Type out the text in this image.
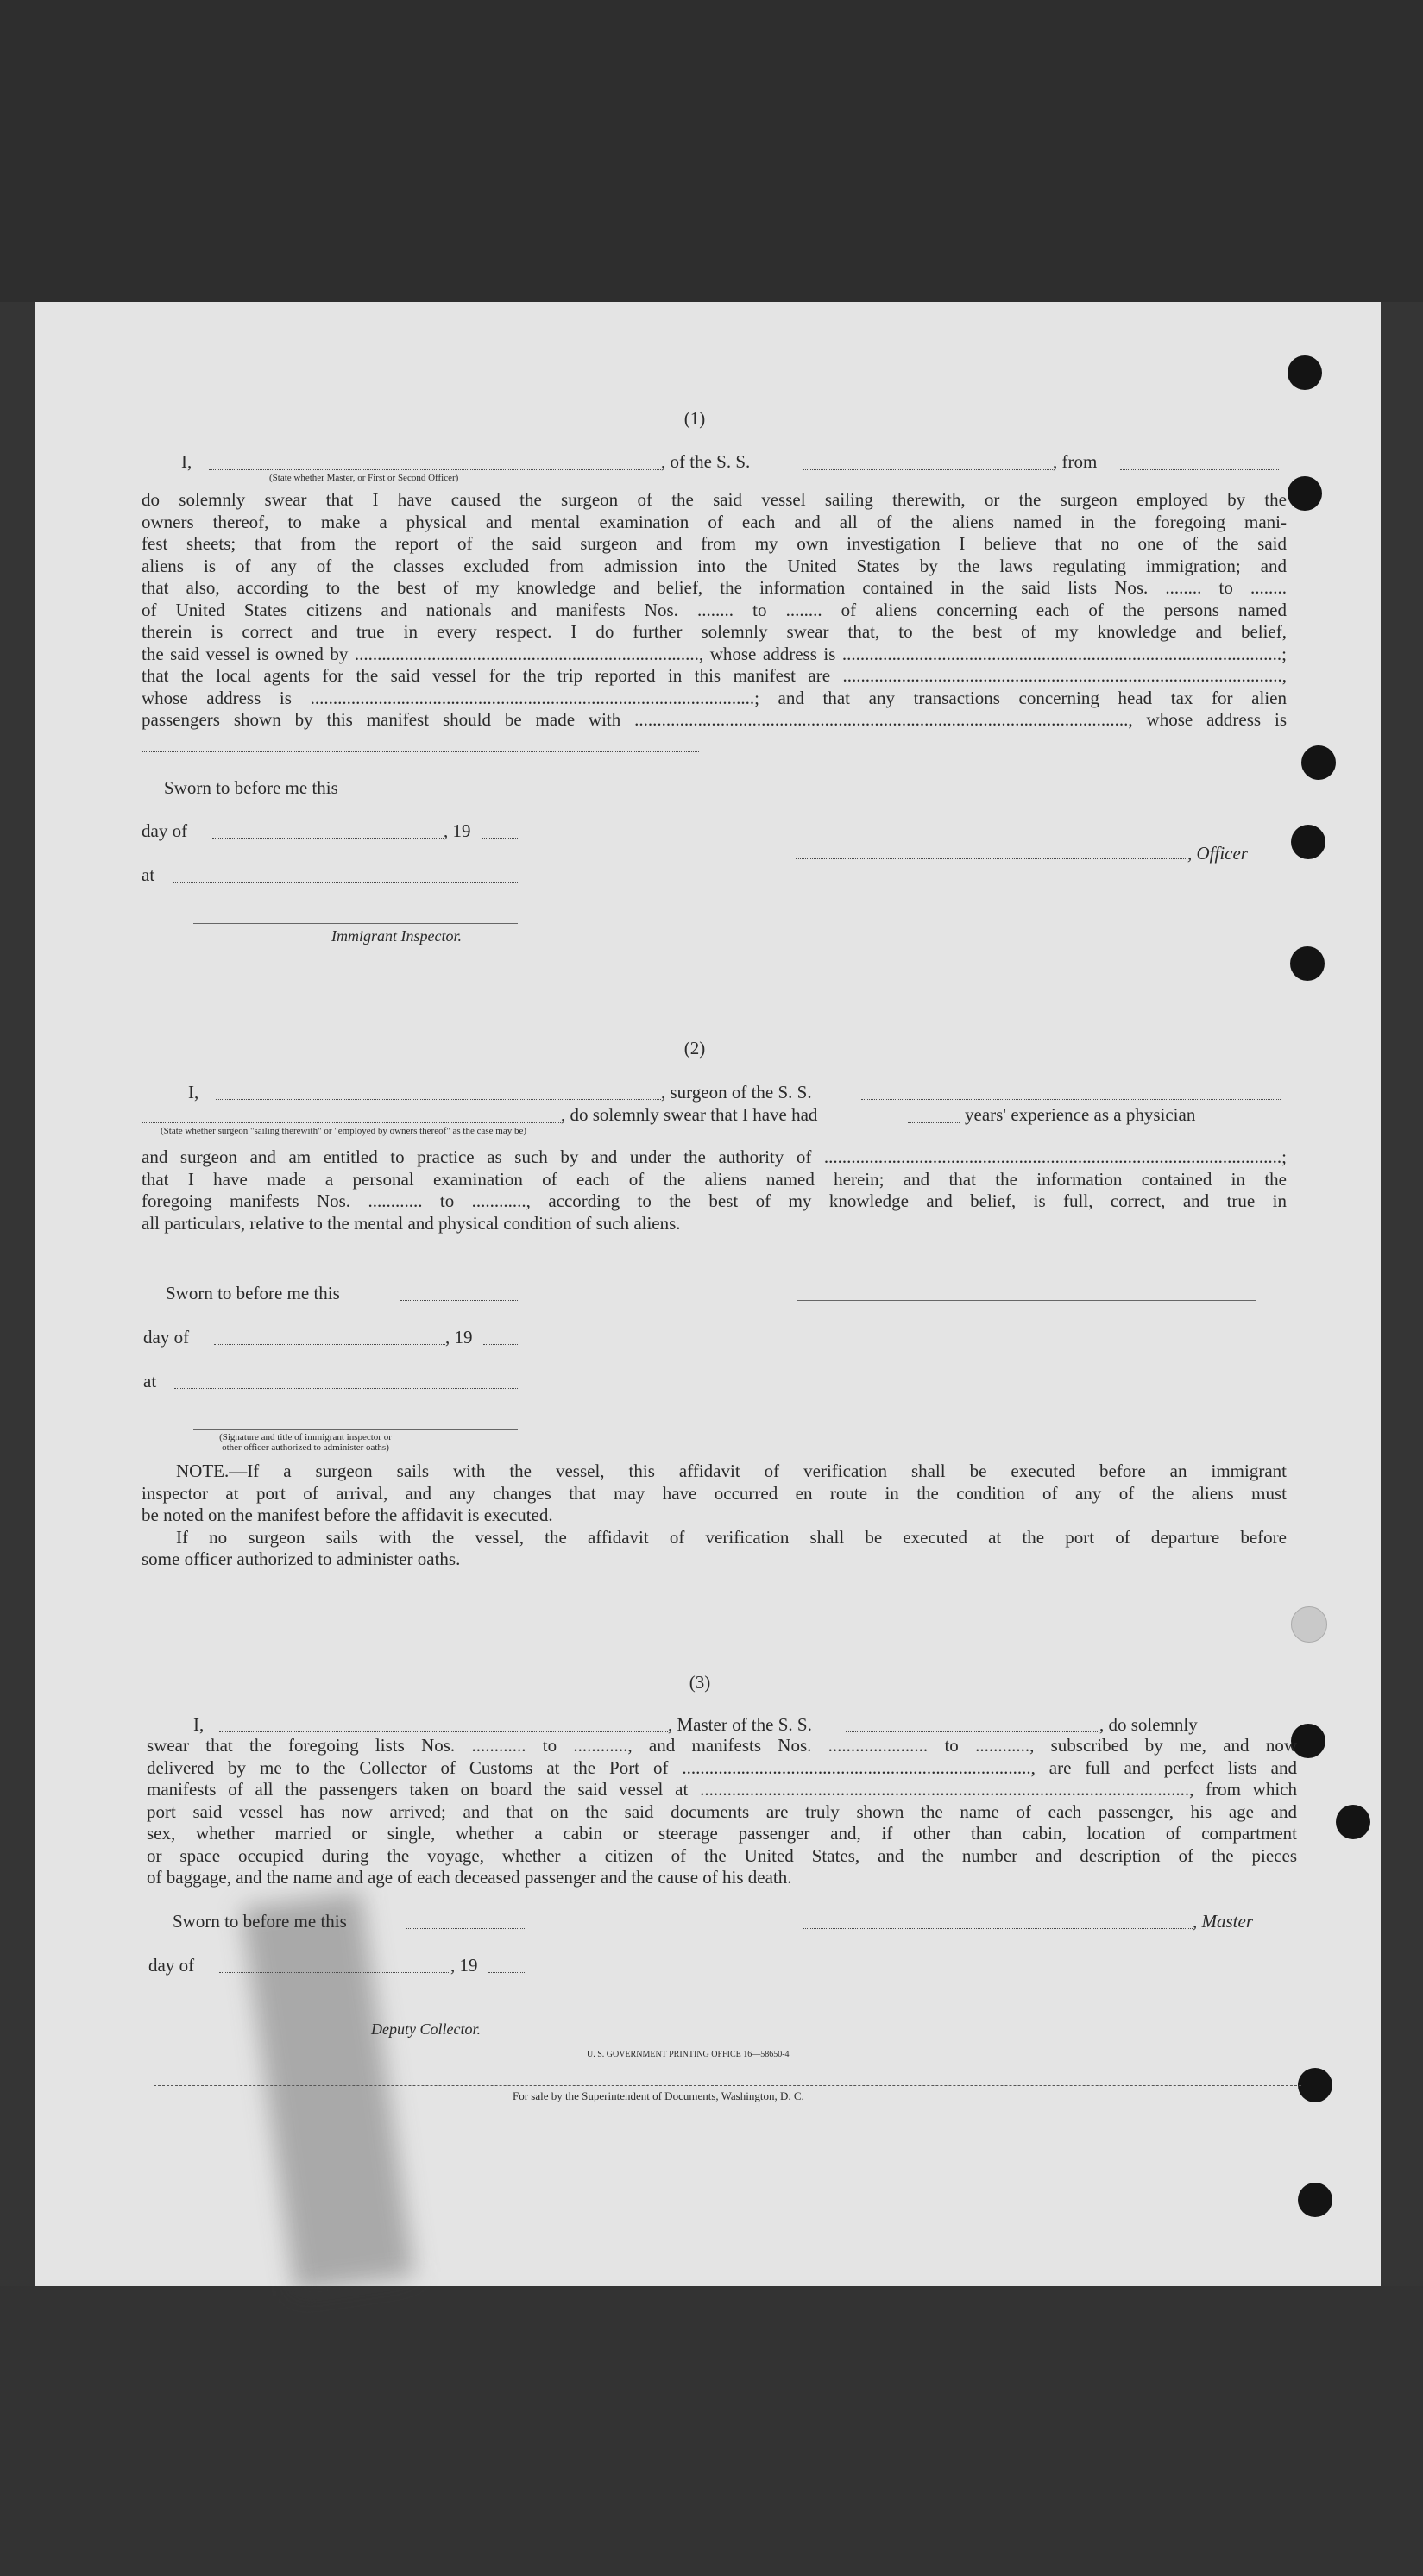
(1)
I,	, of the S. S.	, from
(State whether Master, or First or Second Officer)
do solemnly swear that I have caused the surgeon of the said vessel sailing therewith, or the surgeon employed by the
owners thereof, to make a physical and mental examination of each and all of the aliens named in the foregoing mani-
fest sheets; that from the report of the said surgeon and from my own investigation I believe that no one of the said
aliens is of any of the classes excluded from admission into the United States by the laws regulating immigration; and
that also, according to the best of my knowledge and belief, the information contained in the said lists Nos. ........ to ........
of United States citizens and nationals and manifests Nos. ........ to ........ of aliens concerning each of the persons named
therein is correct and true in every respect. I do further solemnly swear that, to the best of my knowledge and belief,
the said vessel is owned by ............................................................................, whose address is .................................................................................................;
that the local agents for the said vessel for the trip reported in this manifest are .................................................................................................,
whose address is ..................................................................................................; and that any transactions concerning head tax for alien
passengers shown by this manifest should be made with ............................................................................................................., whose address is
Sworn to before me this
day of	, 19
, Officer
at
Immigrant Inspector.
(2)
I,	, surgeon of the S. S.
, do solemnly swear that I have had	years' experience as a physician
(State whether surgeon "sailing therewith" or "employed by owners thereof" as the case may be)
and surgeon and am entitled to practice as such by and under the authority of .....................................................................................................;
that I have made a personal examination of each of the aliens named herein; and that the information contained in the
foregoing manifests Nos. ............ to ............, according to the best of my knowledge and belief, is full, correct, and true in
all particulars, relative to the mental and physical condition of such aliens.
Sworn to before me this
day of	, 19
at
(Signature and title of immigrant inspector or
other officer authorized to administer oaths)
NOTE.—If a surgeon sails with the vessel, this affidavit of verification shall be executed before an immigrant
inspector at port of arrival, and any changes that may have occurred en route in the condition of any of the aliens must
be noted on the manifest before the affidavit is executed.
If no surgeon sails with the vessel, the affidavit of verification shall be executed at the port of departure before
some officer authorized to administer oaths.
(3)
I,	, Master of the S. S.	, do solemnly
swear that the foregoing lists Nos. ............ to ............, and manifests Nos. ...................... to ............, subscribed by me, and now
delivered by me to the Collector of Customs at the Port of ............................................................................., are full and perfect lists and
manifests of all the passengers taken on board the said vessel at ............................................................................................................, from which
port said vessel has now arrived; and that on the said documents are truly shown the name of each passenger, his age and
sex, whether married or single, whether a cabin or steerage passenger and, if other than cabin, location of compartment
or space occupied during the voyage, whether a citizen of the United States, and the number and description of the pieces
of baggage, and the name and age of each deceased passenger and the cause of his death.
Sworn to before me this	, Master
day of	, 19
Deputy Collector.
U. S. GOVERNMENT PRINTING OFFICE 16—58650-4
For sale by the Superintendent of Documents, Washington, D. C.
